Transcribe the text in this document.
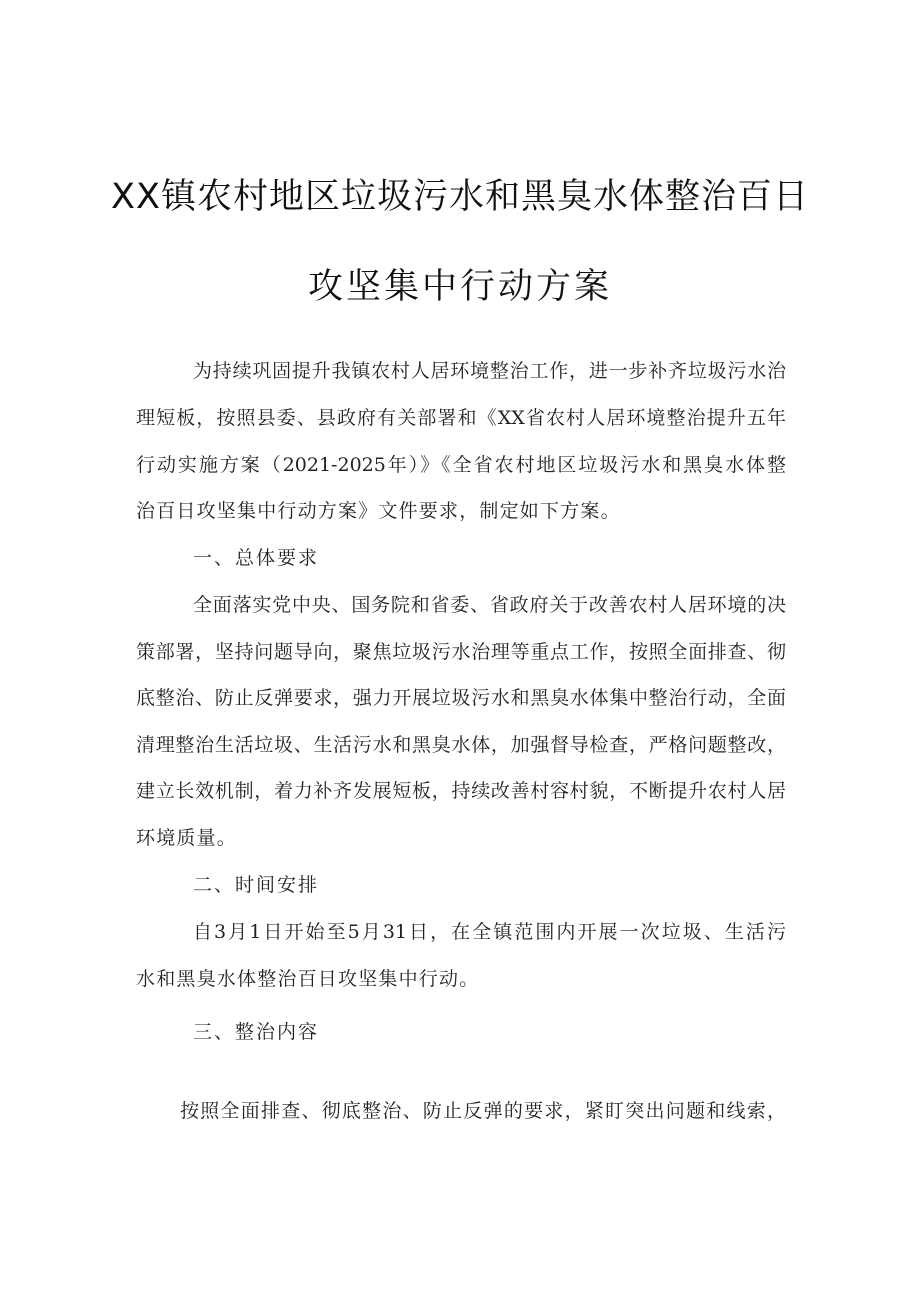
XX镇农村地区垃圾污水和黑臭水体整治百日
攻坚集中行动方案
为持续巩固提升我镇农村人居环境整治工作，进一步补齐垃圾污水治
理短板，按照县委、县政府有关部署和《XX省农村人居环境整治提升五年
行动实施方案（2021-2025年）》《全省农村地区垃圾污水和黑臭水体整
治百日攻坚集中行动方案》文件要求，制定如下方案。
一、总体要求
全面落实党中央、国务院和省委、省政府关于改善农村人居环境的决
策部署，坚持问题导向，聚焦垃圾污水治理等重点工作，按照全面排查、彻
底整治、防止反弹要求，强力开展垃圾污水和黑臭水体集中整治行动，全面
清理整治生活垃圾、生活污水和黑臭水体，加强督导检查，严格问题整改，
建立长效机制，着力补齐发展短板，持续改善村容村貌，不断提升农村人居
环境质量。
二、时间安排
自3月1日开始至5月31日，在全镇范围内开展一次垃圾、生活污
水和黑臭水体整治百日攻坚集中行动。
三、整治内容
按照全面排查、彻底整治、防止反弹的要求，紧盯突出问题和线索，
